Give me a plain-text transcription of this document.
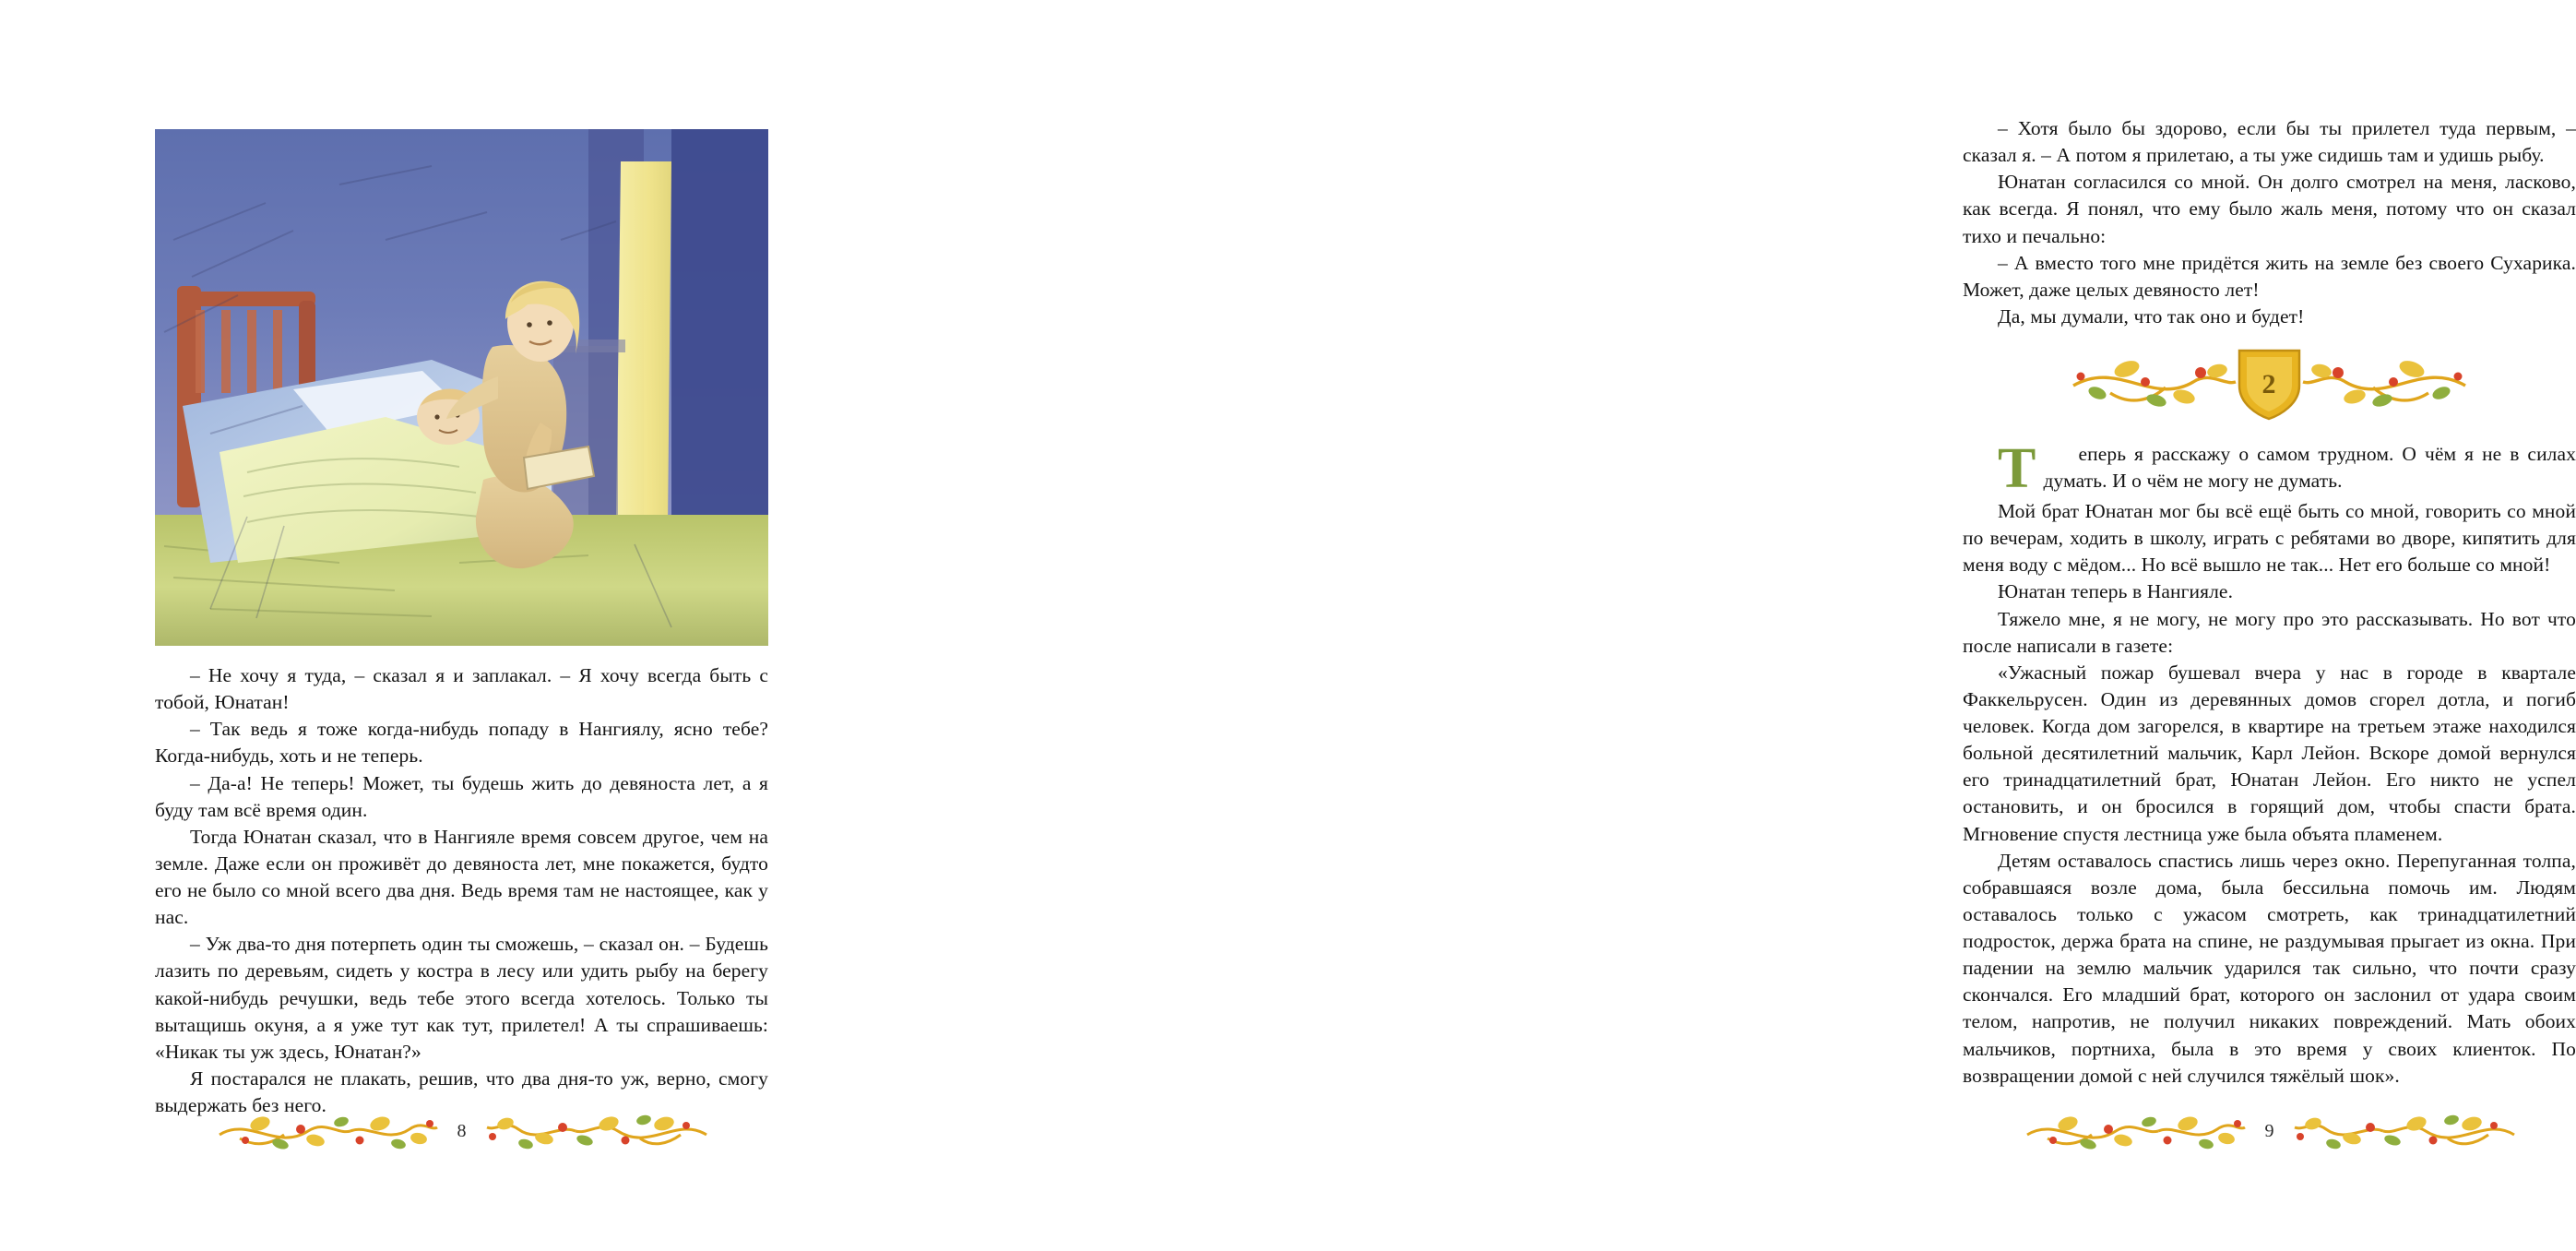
– Не хочу я туда, – сказал я и заплакал. – Я хочу всегда быть с тобой, Юнатан!

– Так ведь я тоже когда-нибудь попаду в Нангиялу, ясно тебе? Когда-нибудь, хоть и не теперь.

– Да-а! Не теперь! Может, ты будешь жить до девяноста лет, а я буду там всё время один.

Тогда Юнатан сказал, что в Нангияле время совсем другое, чем на земле. Даже если он проживёт до девяноста лет, мне покажется, будто его не было со мной всего два дня. Ведь время там не настоящее, как у нас.

– Уж два-то дня потерпеть один ты сможешь, – сказал он. – Будешь лазить по деревьям, сидеть у костра в лесу или удить рыбу на берегу какой-нибудь речушки, ведь тебе этого всегда хотелось. Только ты вытащишь окуня, а я уже тут как тут, прилетел! А ты спрашиваешь: «Никак ты уж здесь, Юнатан?»

Я постарался не плакать, решив, что два дня-то уж, верно, смогу выдержать без него.

8

– Хотя было бы здорово, если бы ты прилетел туда первым, – сказал я. – А потом я прилетаю, а ты уже сидишь там и удишь рыбу.

Юнатан согласился со мной. Он долго смотрел на меня, ласково, как всегда. Я понял, что ему было жаль меня, потому что он сказал тихо и печально:

– А вместо того мне придётся жить на земле без своего Сухарика. Может, даже целых девяносто лет!

Да, мы думали, что так оно и будет!

2

Т	еперь я расскажу о самом трудном. О чём я не в силах думать. И о чём не могу не думать.

Мой брат Юнатан мог бы всё ещё быть со мной, говорить со мной по вечерам, ходить в школу, играть с ребятами во дворе, кипятить для меня воду с мёдом... Но всё вышло не так... Нет его больше со мной!

Юнатан теперь в Нангияле.

Тяжело мне, я не могу, не могу про это рассказывать. Но вот что после написали в газете:

«Ужасный пожар бушевал вчера у нас в городе в квартале Факкельрусен. Один из деревянных домов сгорел дотла, и погиб человек. Когда дом загорелся, в квартире на третьем этаже находился больной десятилетний мальчик, Карл Лейон. Вскоре домой вернулся его тринадцатилетний брат, Юнатан Лейон. Его никто не успел остановить, и он бросился в горящий дом, чтобы спасти брата. Мгновение спустя лестница уже была объята пламенем.

Детям оставалось спастись лишь через окно. Перепуганная толпа, собравшаяся возле дома, была бессильна помочь им. Людям оставалось только с ужасом смотреть, как тринадцатилетний подросток, держа брата на спине, не раздумывая прыгает из окна. При падении на землю мальчик ударился так сильно, что почти сразу скончался. Его младший брат, которого он заслонил от удара своим телом, напротив, не получил никаких повреждений. Мать обоих мальчиков, портниха, была в это время у своих клиенток. По возвращении домой с ней случился тяжёлый шок».

9
